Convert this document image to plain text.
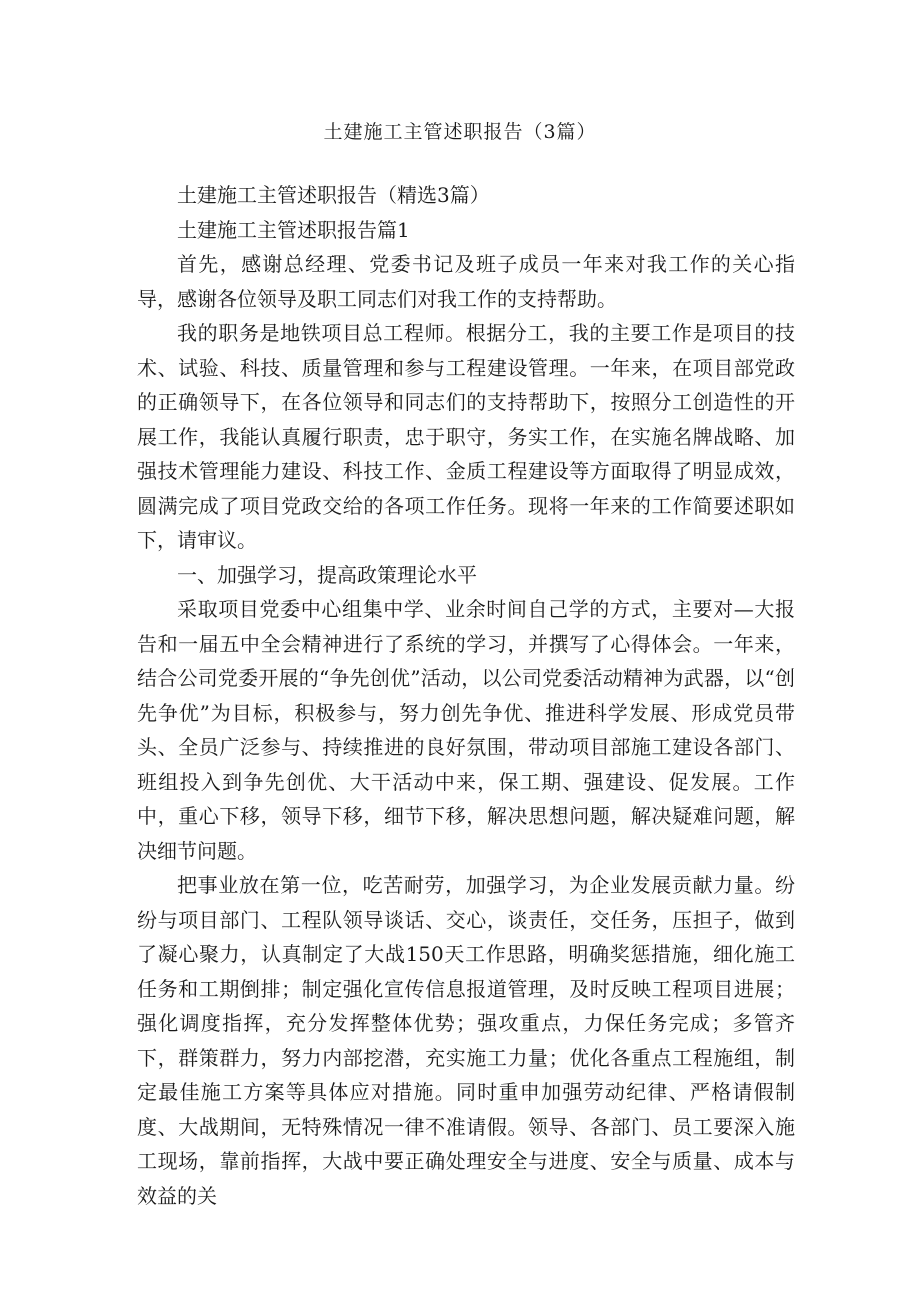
土建施工主管述职报告（3篇）

土建施工主管述职报告（精选3篇）

土建施工主管述职报告篇1

首先，感谢总经理、党委书记及班子成员一年来对我工作的关心指导，感谢各位领导及职工同志们对我工作的支持帮助。

我的职务是地铁项目总工程师。根据分工，我的主要工作是项目的技术、试验、科技、质量管理和参与工程建设管理。一年来，在项目部党政的正确领导下，在各位领导和同志们的支持帮助下，按照分工创造性的开展工作，我能认真履行职责，忠于职守，务实工作，在实施名牌战略、加强技术管理能力建设、科技工作、金质工程建设等方面取得了明显成效，圆满完成了项目党政交给的各项工作任务。现将一年来的工作简要述职如下，请审议。

一、加强学习，提高政策理论水平

采取项目党委中心组集中学、业余时间自己学的方式，主要对—大报告和一届五中全会精神进行了系统的学习，并撰写了心得体会。一年来，结合公司党委开展的“争先创优”活动，以公司党委活动精神为武器，以“创先争优”为目标，积极参与，努力创先争优、推进科学发展、形成党员带头、全员广泛参与、持续推进的良好氛围，带动项目部施工建设各部门、班组投入到争先创优、大干活动中来，保工期、强建设、促发展。工作中，重心下移，领导下移，细节下移，解决思想问题，解决疑难问题，解决细节问题。

把事业放在第一位，吃苦耐劳，加强学习，为企业发展贡献力量。纷纷与项目部门、工程队领导谈话、交心，谈责任，交任务，压担子，做到了凝心聚力，认真制定了大战150天工作思路，明确奖惩措施，细化施工任务和工期倒排；制定强化宣传信息报道管理，及时反映工程项目进展；强化调度指挥，充分发挥整体优势；强攻重点，力保任务完成；多管齐下，群策群力，努力内部挖潜，充实施工力量；优化各重点工程施组，制定最佳施工方案等具体应对措施。同时重申加强劳动纪律、严格请假制度、大战期间，无特殊情况一律不准请假。领导、各部门、员工要深入施工现场，靠前指挥，大战中要正确处理安全与进度、安全与质量、成本与效益的关
